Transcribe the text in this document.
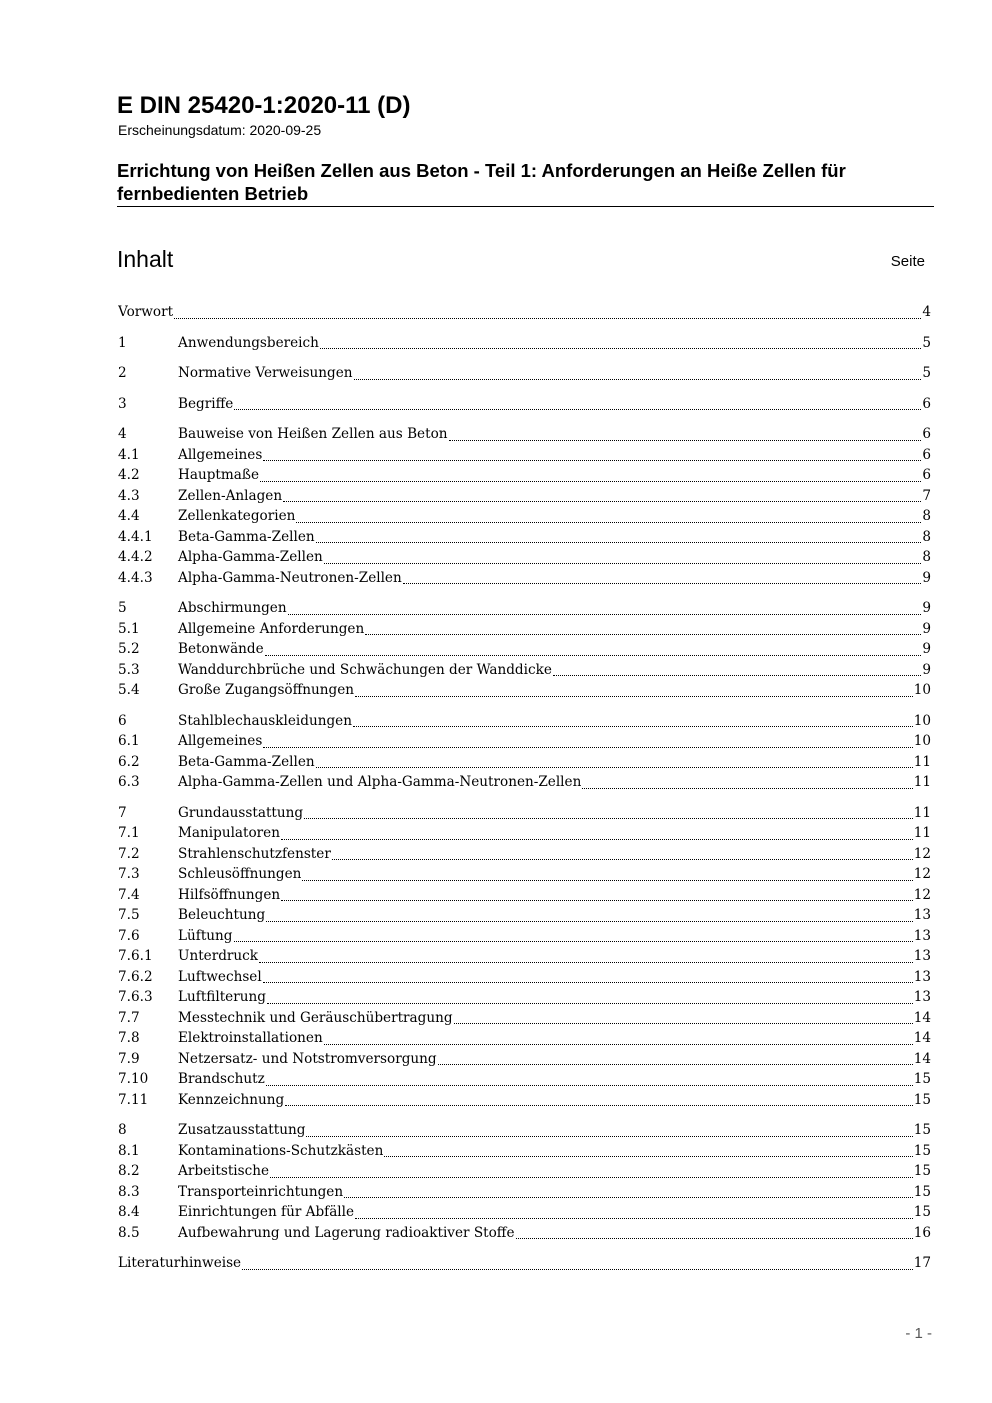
E DIN 25420-1:2020-11 (D)
Erscheinungsdatum: 2020-09-25
Errichtung von Heißen Zellen aus Beton - Teil 1: Anforderungen an Heiße Zellen für fernbedienten Betrieb
Inhalt	Seite
Vorwort	4
1	Anwendungsbereich	5
2	Normative Verweisungen	5
3	Begriffe	6
4	Bauweise von Heißen Zellen aus Beton	6
4.1	Allgemeines	6
4.2	Hauptmaße	6
4.3	Zellen-Anlagen	7
4.4	Zellenkategorien	8
4.4.1	Beta-Gamma-Zellen	8
4.4.2	Alpha-Gamma-Zellen	8
4.4.3	Alpha-Gamma-Neutronen-Zellen	9
5	Abschirmungen	9
5.1	Allgemeine Anforderungen	9
5.2	Betonwände	9
5.3	Wanddurchbrüche und Schwächungen der Wanddicke	9
5.4	Große Zugangsöffnungen	10
6	Stahlblechauskleidungen	10
6.1	Allgemeines	10
6.2	Beta-Gamma-Zellen	11
6.3	Alpha-Gamma-Zellen und Alpha-Gamma-Neutronen-Zellen	11
7	Grundausstattung	11
7.1	Manipulatoren	11
7.2	Strahlenschutzfenster	12
7.3	Schleusöffnungen	12
7.4	Hilfsöffnungen	12
7.5	Beleuchtung	13
7.6	Lüftung	13
7.6.1	Unterdruck	13
7.6.2	Luftwechsel	13
7.6.3	Luftfilterung	13
7.7	Messtechnik und Geräuschübertragung	14
7.8	Elektroinstallationen	14
7.9	Netzersatz- und Notstromversorgung	14
7.10	Brandschutz	15
7.11	Kennzeichnung	15
8	Zusatzausstattung	15
8.1	Kontaminations-Schutzkästen	15
8.2	Arbeitstische	15
8.3	Transporteinrichtungen	15
8.4	Einrichtungen für Abfälle	15
8.5	Aufbewahrung und Lagerung radioaktiver Stoffe	16
Literaturhinweise	17
- 1 -
